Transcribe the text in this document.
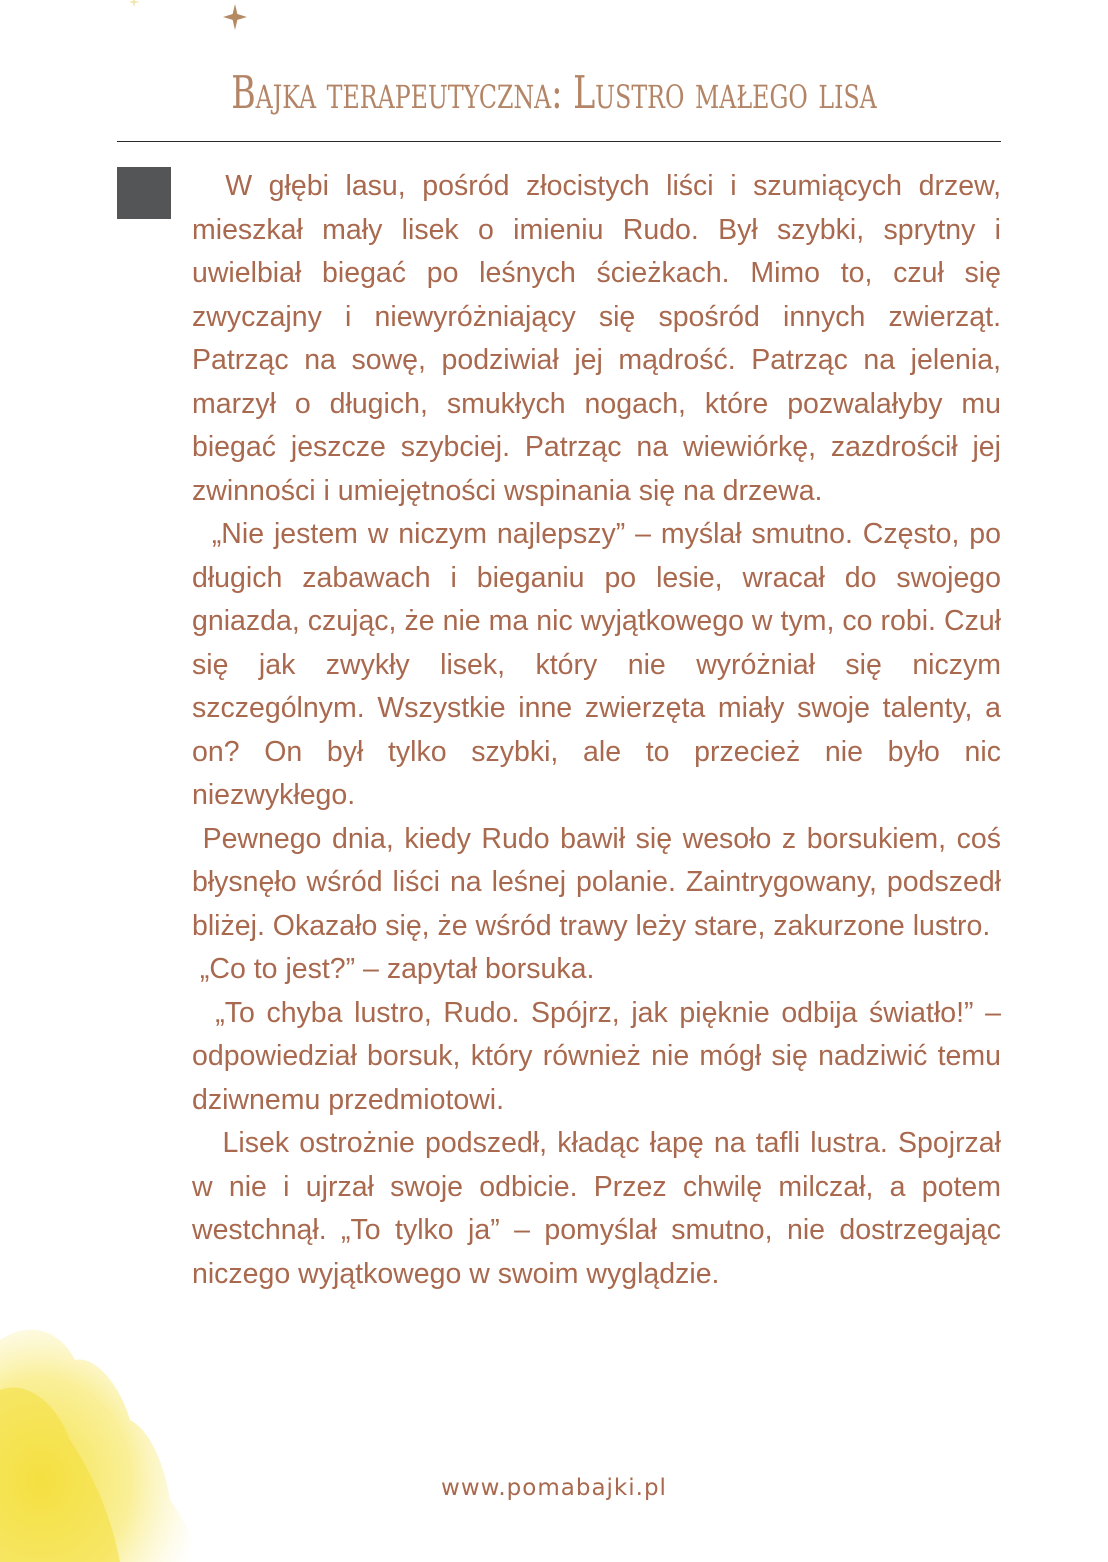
Bajka terapeutyczna: Lustro małego lisa

W głębi lasu, pośród złocistych liści i szumiących drzew, mieszkał mały lisek o imieniu Rudo. Był szybki, sprytny i uwielbiał biegać po leśnych ścieżkach. Mimo to, czuł się zwyczajny i niewyróżniający się spośród innych zwierząt. Patrząc na sowę, podziwiał jej mądrość. Patrząc na jelenia, marzył o długich, smukłych nogach, które pozwalałyby mu biegać jeszcze szybciej. Patrząc na wiewiórkę, zazdrościł jej zwinności i umiejętności wspinania się na drzewa.

„Nie jestem w niczym najlepszy” – myślał smutno. Często, po długich zabawach i bieganiu po lesie, wracał do swojego gniazda, czując, że nie ma nic wyjątkowego w tym, co robi. Czuł się jak zwykły lisek, który nie wyróżniał się niczym szczególnym. Wszystkie inne zwierzęta miały swoje talenty, a on? On był tylko szybki, ale to przecież nie było nic niezwykłego.

Pewnego dnia, kiedy Rudo bawił się wesoło z borsukiem, coś błysnęło wśród liści na leśnej polanie. Zaintrygowany, podszedł bliżej. Okazało się, że wśród trawy leży stare, zakurzone lustro.

„Co to jest?” – zapytał borsuka.

„To chyba lustro, Rudo. Spójrz, jak pięknie odbija światło!” – odpowiedział borsuk, który również nie mógł się nadziwić temu dziwnemu przedmiotowi.

Lisek ostrożnie podszedł, kładąc łapę na tafli lustra. Spojrzał w nie i ujrzał swoje odbicie. Przez chwilę milczał, a potem westchnął. „To tylko ja” – pomyślał smutno, nie dostrzegając niczego wyjątkowego w swoim wyglądzie.

www.pomabajki.pl
